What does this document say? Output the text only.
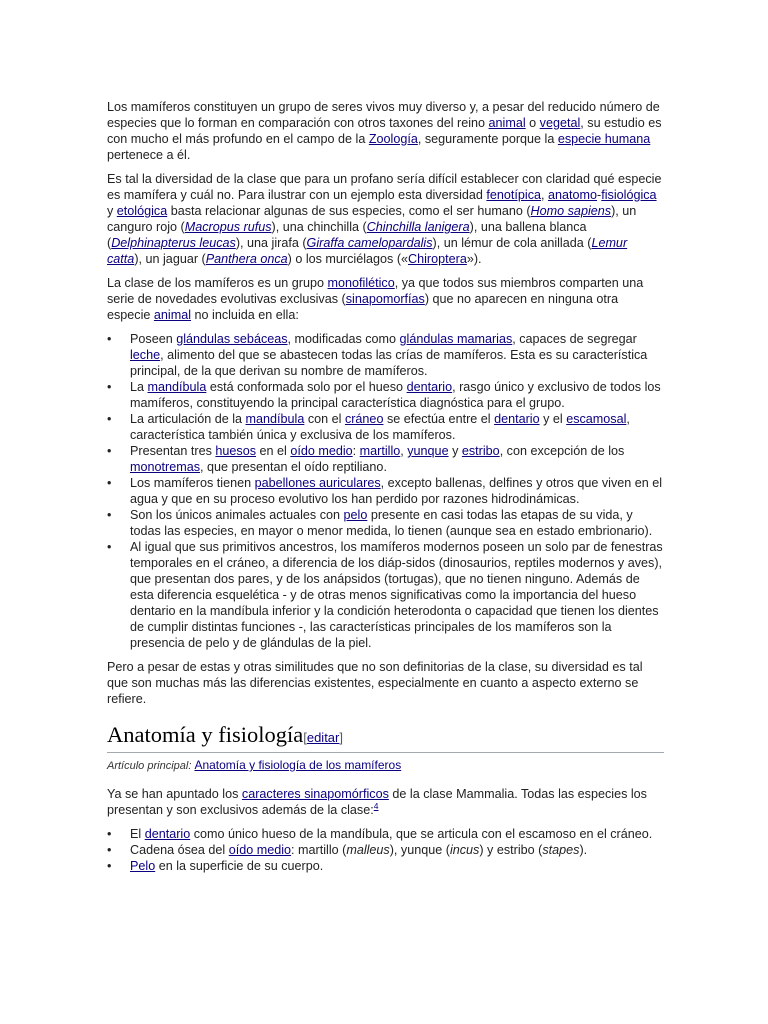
Los mamíferos constituyen un grupo de seres vivos muy diverso y, a pesar del reducido número de especies que lo forman en comparación con otros taxones del reino animal o vegetal, su estudio es con mucho el más profundo en el campo de la Zoología, seguramente porque la especie humana pertenece a él.

Es tal la diversidad de la clase que para un profano sería difícil establecer con claridad qué especie es mamífera y cuál no. Para ilustrar con un ejemplo esta diversidad fenotípica, anatomo-fisiológica y etológica basta relacionar algunas de sus especies, como el ser humano (Homo sapiens), un canguro rojo (Macropus rufus), una chinchilla (Chinchilla lanigera), una ballena blanca (Delphinapterus leucas), una jirafa (Giraffa camelopardalis), un lémur de cola anillada (Lemur catta), un jaguar (Panthera onca) o los murciélagos («Chiroptera»).

La clase de los mamíferos es un grupo monofilético, ya que todos sus miembros comparten una serie de novedades evolutivas exclusivas (sinapomorfías) que no aparecen en ninguna otra especie animal no incluida en ella:

• Poseen glándulas sebáceas, modificadas como glándulas mamarias, capaces de segregar leche, alimento del que se abastecen todas las crías de mamíferos. Esta es su característica principal, de la que derivan su nombre de mamíferos.
• La mandíbula está conformada solo por el hueso dentario, rasgo único y exclusivo de todos los mamíferos, constituyendo la principal característica diagnóstica para el grupo.
• La articulación de la mandíbula con el cráneo se efectúa entre el dentario y el escamosal, característica también única y exclusiva de los mamíferos.
• Presentan tres huesos en el oído medio: martillo, yunque y estribo, con excepción de los monotremas, que presentan el oído reptiliano.
• Los mamíferos tienen pabellones auriculares, excepto ballenas, delfines y otros que viven en el agua y que en su proceso evolutivo los han perdido por razones hidrodinámicas.
• Son los únicos animales actuales con pelo presente en casi todas las etapas de su vida, y todas las especies, en mayor o menor medida, lo tienen (aunque sea en estado embrionario).
• Al igual que sus primitivos ancestros, los mamíferos modernos poseen un solo par de fenestras temporales en el cráneo, a diferencia de los diáp-sidos (dinosaurios, reptiles modernos y aves), que presentan dos pares, y de los anápsidos (tortugas), que no tienen ninguno. Además de esta diferencia esquelética - y de otras menos significativas como la importancia del hueso dentario en la mandíbula inferior y la condición heterodonta o capacidad que tienen los dientes de cumplir distintas funciones -, las características principales de los mamíferos son la presencia de pelo y de glándulas de la piel.

Pero a pesar de estas y otras similitudes que no son definitorias de la clase, su diversidad es tal que son muchas más las diferencias existentes, especialmente en cuanto a aspecto externo se refiere.

Anatomía y fisiología[editar]
Artículo principal: Anatomía y fisiología de los mamíferos

Ya se han apuntado los caracteres sinapomórficos de la clase Mammalia. Todas las especies los presentan y son exclusivos además de la clase:$^4$

• El dentario como único hueso de la mandíbula, que se articula con el escamoso en el cráneo.
• Cadena ósea del oído medio: martillo (malleus), yunque (incus) y estribo (stapes).
• Pelo en la superficie de su cuerpo.
